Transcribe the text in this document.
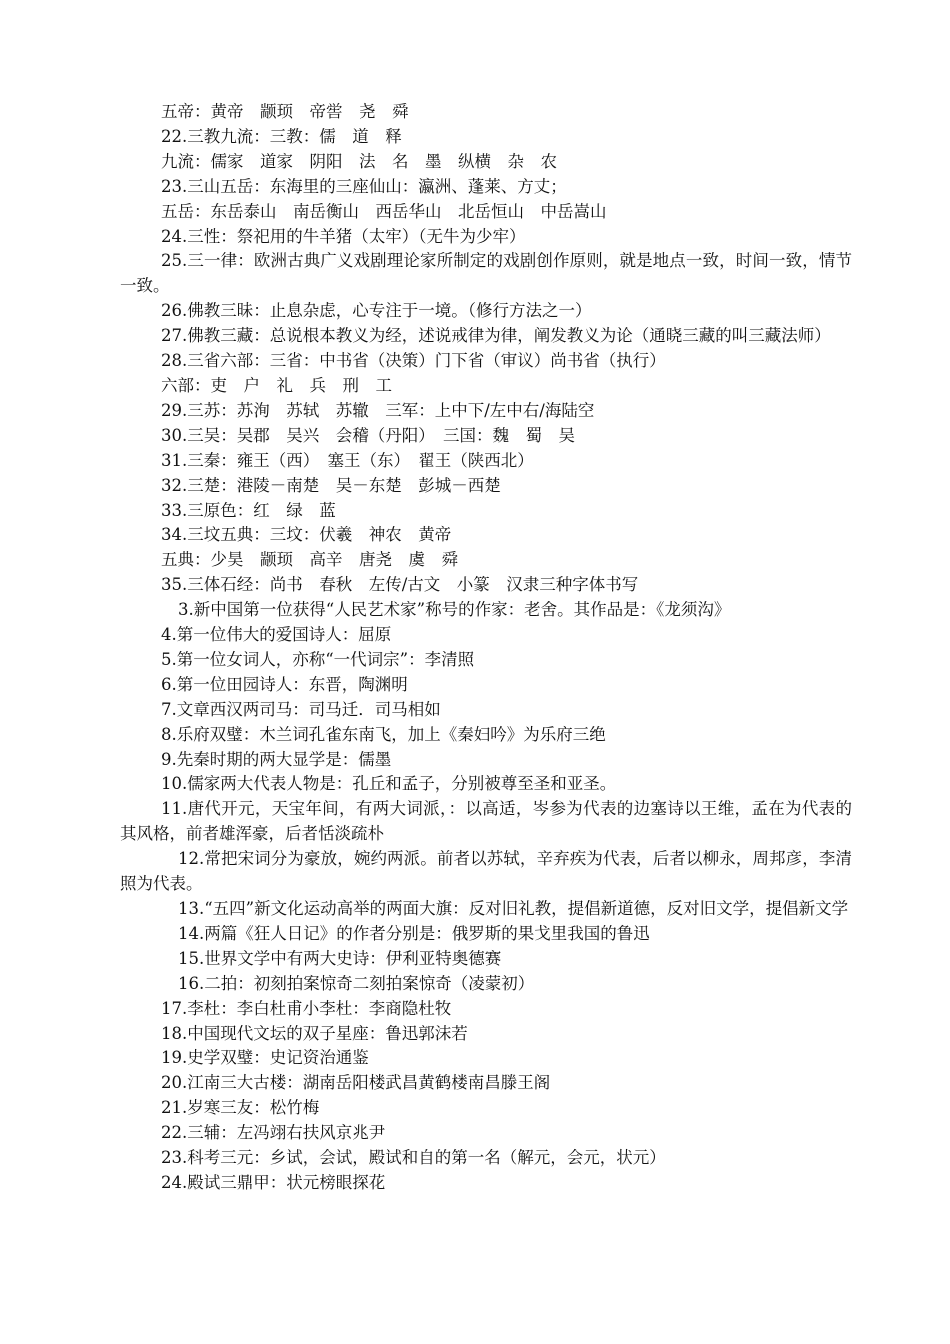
五帝：黄帝　颛顼　帝喾　尧　舜

22.三教九流：三教：儒　道　释

九流：儒家　道家　阴阳　法　名　墨　纵横　杂　农

23.三山五岳：东海里的三座仙山：瀛洲、蓬莱、方丈；

五岳：东岳泰山　南岳衡山　西岳华山　北岳恒山　中岳嵩山

24.三性：祭祀用的牛羊猪（太牢）（无牛为少牢）

25.三一律：欧洲古典广义戏剧理论家所制定的戏剧创作原则，就是地点一致，时间一致，情节一致。

26.佛教三昧：止息杂虑，心专注于一境。（修行方法之一）

27.佛教三藏：总说根本教义为经，述说戒律为律，阐发教义为论（通晓三藏的叫三藏法师）

28.三省六部：三省：中书省（决策）门下省（审议）尚书省（执行）

六部：吏　户　礼　兵　刑　工

29.三苏：苏洵　苏轼　苏辙　三军：上中下/左中右/海陆空

30.三吴：吴郡　吴兴　会稽（丹阳）　三国：魏　蜀　吴

31.三秦：雍王（西）　塞王（东）　翟王（陕西北）

32.三楚：港陵－南楚　吴－东楚　彭城－西楚

33.三原色：红　绿　蓝

34.三坟五典：三坟：伏羲　神农　黄帝

五典：少昊　颛顼　高辛　唐尧　虞　舜

35.三体石经：尚书　春秋　左传/古文　小篆　汉隶三种字体书写

3.新中国第一位获得“人民艺术家”称号的作家：老舍。其作品是：《龙须沟》

4.第一位伟大的爱国诗人：屈原

5.第一位女词人，亦称“一代词宗”：李清照

6.第一位田园诗人：东晋，陶渊明

7.文章西汉两司马：司马迁．司马相如

8.乐府双璧：木兰词孔雀东南飞，加上《秦妇吟》为乐府三绝

9.先秦时期的两大显学是：儒墨

10.儒家两大代表人物是：孔丘和孟子，分别被尊至圣和亚圣。

11.唐代开元，天宝年间，有两大词派，：以高适，岑参为代表的边塞诗以王维，孟在为代表的其风格，前者雄浑豪，后者恬淡疏朴

12.常把宋词分为豪放，婉约两派。前者以苏轼，辛弃疾为代表，后者以柳永，周邦彦，李清照为代表。

13.“五四”新文化运动高举的两面大旗：反对旧礼教，提倡新道德，反对旧文学，提倡新文学

14.两篇《狂人日记》的作者分别是：俄罗斯的果戈里我国的鲁迅

15.世界文学中有两大史诗：伊利亚特奥德赛

16.二拍：初刻拍案惊奇二刻拍案惊奇（凌蒙初）

17.李杜：李白杜甫小李杜：李商隐杜牧

18.中国现代文坛的双子星座：鲁迅郭沫若

19.史学双璧：史记资治通鉴

20.江南三大古楼：湖南岳阳楼武昌黄鹤楼南昌滕王阁

21.岁寒三友：松竹梅

22.三辅：左冯翊右扶风京兆尹

23.科考三元：乡试，会试，殿试和自的第一名（解元，会元，状元）

24.殿试三鼎甲：状元榜眼探花
